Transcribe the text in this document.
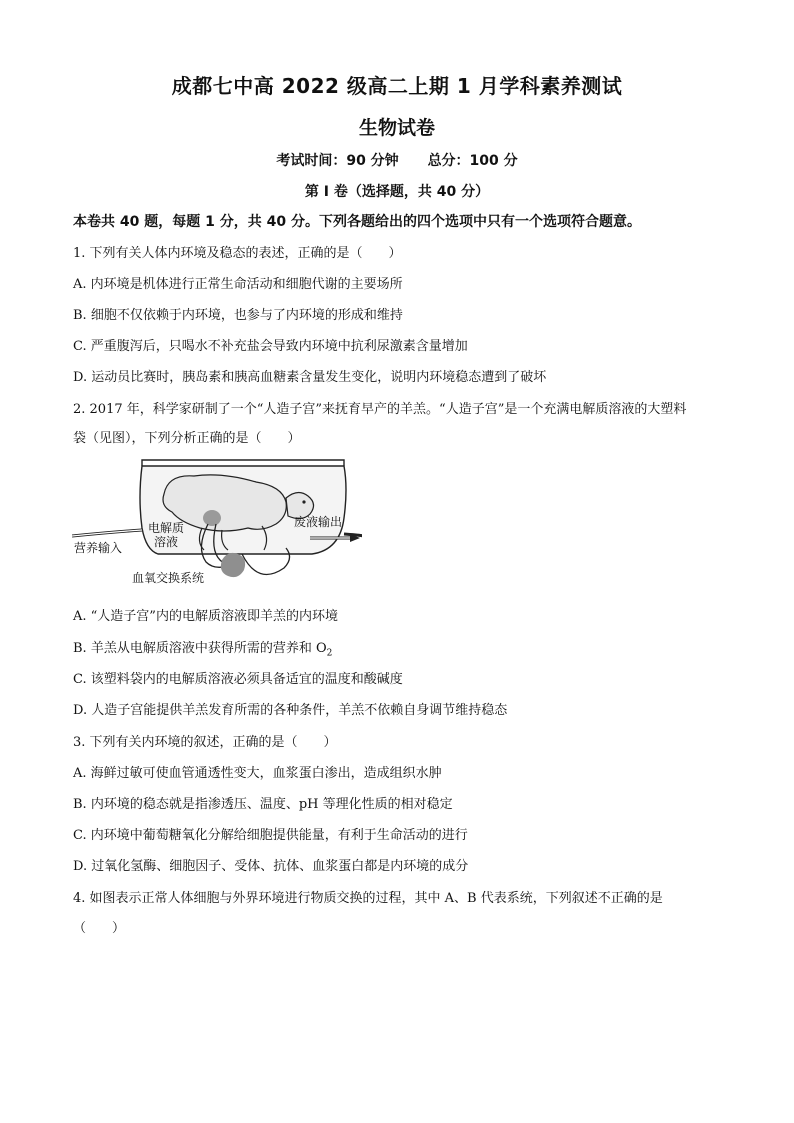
成都七中高 2022 级高二上期 1 月学科素养测试
生物试卷
考试时间：90 分钟 总分：100 分
第 I 卷（选择题，共 40 分）
本卷共 40 题，每题 1 分，共 40 分。下列各题给出的四个选项中只有一个选项符合题意。
1. 下列有关人体内环境及稳态的表述，正确的是（　　）
A. 内环境是机体进行正常生命活动和细胞代谢的主要场所
B. 细胞不仅依赖于内环境，也参与了内环境的形成和维持
C. 严重腹泻后，只喝水不补充盐会导致内环境中抗利尿激素含量增加
D. 运动员比赛时，胰岛素和胰高血糖素含量发生变化，说明内环境稳态遭到了破坏
2. 2017 年，科学家研制了一个“人造子宫”来抚育早产的羊羔。“人造子宫”是一个充满电解质溶液的大塑料
袋（见图），下列分析正确的是（　　）
电解质
溶液
废液输出
营养输入
血氧交换系统
A. “人造子宫”内的电解质溶液即羊羔的内环境
B. 羊羔从电解质溶液中获得所需的营养和 $O_2$
C. 该塑料袋内的电解质溶液必须具备适宜的温度和酸碱度
D. 人造子宫能提供羊羔发育所需的各种条件，羊羔不依赖自身调节维持稳态
3. 下列有关内环境的叙述，正确的是（　　）
A. 海鲜过敏可使血管通透性变大，血浆蛋白渗出，造成组织水肿
B. 内环境的稳态就是指渗透压、温度、pH 等理化性质的相对稳定
C. 内环境中葡萄糖氧化分解给细胞提供能量，有利于生命活动的进行
D. 过氧化氢酶、细胞因子、受体、抗体、血浆蛋白都是内环境的成分
4. 如图表示正常人体细胞与外界环境进行物质交换的过程，其中 A、B 代表系统，下列叙述不正确的是
（　　）
